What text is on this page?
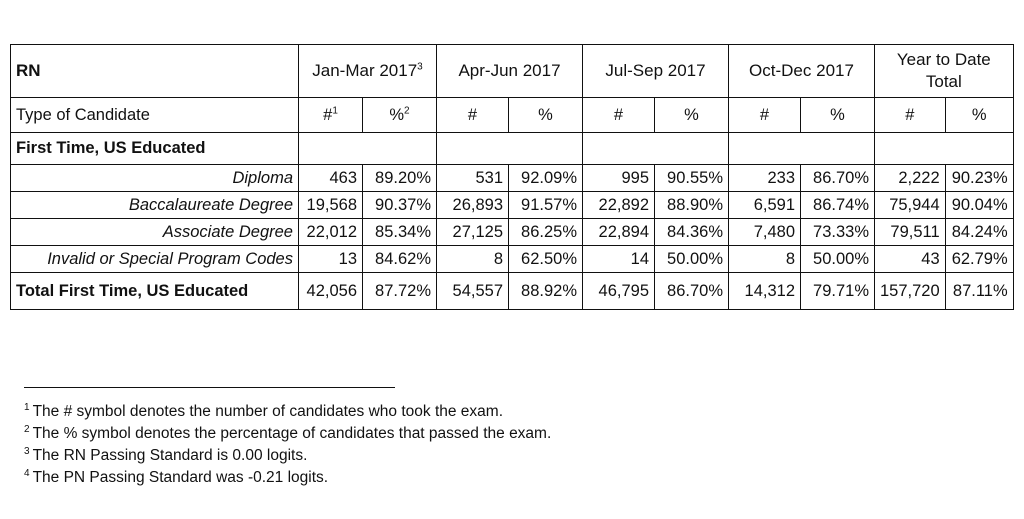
RN	Jan-Mar 2017$^3$		Apr-Jun 2017		Jul-Sep 2017		Oct-Dec 2017		Year to Date
Total	
Type of Candidate	#$^1$	%$^2$	#	%	#	%	#	%	#	%
First Time, US Educated										
Diploma	463	89.20%	531	92.09%	995	90.55%	233	86.70%	2,222	90.23%
Baccalaureate Degree	19,568	90.37%	26,893	91.57%	22,892	88.90%	6,591	86.74%	75,944	90.04%
Associate Degree	22,012	85.34%	27,125	86.25%	22,894	84.36%	7,480	73.33%	79,511	84.24%
Invalid or Special Program Codes	13	84.62%	8	62.50%	14	50.00%	8	50.00%	43	62.79%
Total First Time, US Educated	42,056	87.72%	54,557	88.92%	46,795	86.70%	14,312	79.71%	157,720	87.11%
$^1$ The # symbol denotes the number of candidates who took the exam.
$^2$ The % symbol denotes the percentage of candidates that passed the exam.
$^3$ The RN Passing Standard is 0.00 logits.
$^4$ The PN Passing Standard was -0.21 logits.
